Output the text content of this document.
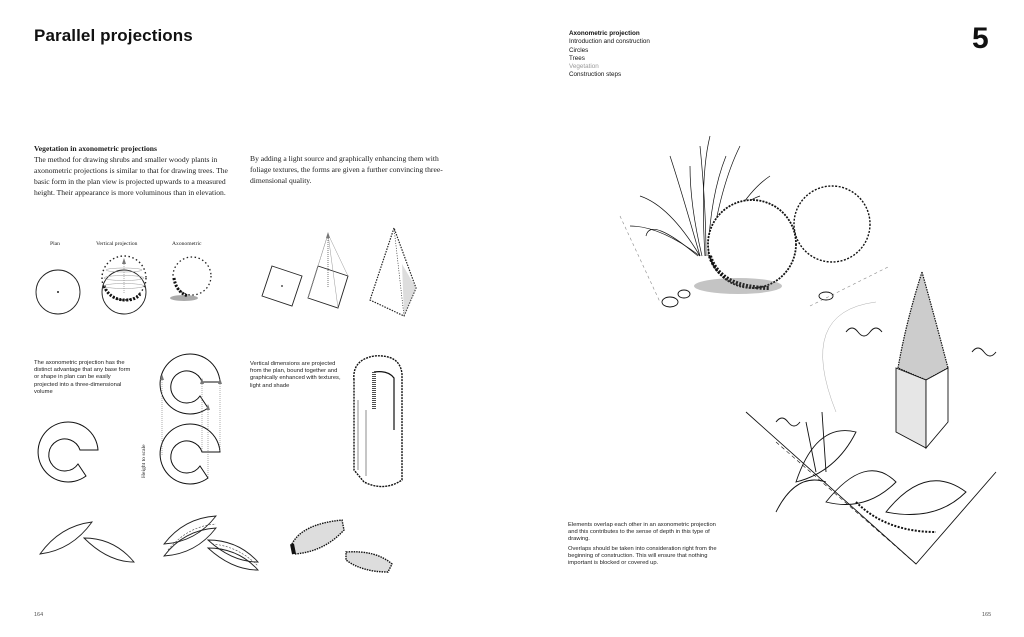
Parallel projections
Vegetation in axonometric projections
The method for drawing shrubs and smaller woody plants in axonometric projections is similar to that for drawing trees. The basic form in the plan view is projected upwards to a measured height. Their appearance is more voluminous than in elevation.
By adding a light source and graphically enhancing them with foliage textures, the forms are given a further convincing three-dimensional quality.
Plan	Vertical projection	Axonometric
The axonometric projection has the distinct advantage that any base form or shape in plan can be easily projected into a three-dimensional volume
Vertical dimensions are projected from the plan, bound together and graphically enhanced with textures, light and shade
Height to scale
164
Axonometric projection
Introduction and construction
Circles
Trees
Vegetation
Construction steps
5
Elements overlap each other in an axonometric projection and this contributes to the sense of depth in this type of drawing.
Overlaps should be taken into consideration right from the beginning of construction. This will ensure that nothing important is blocked or covered up.
165
